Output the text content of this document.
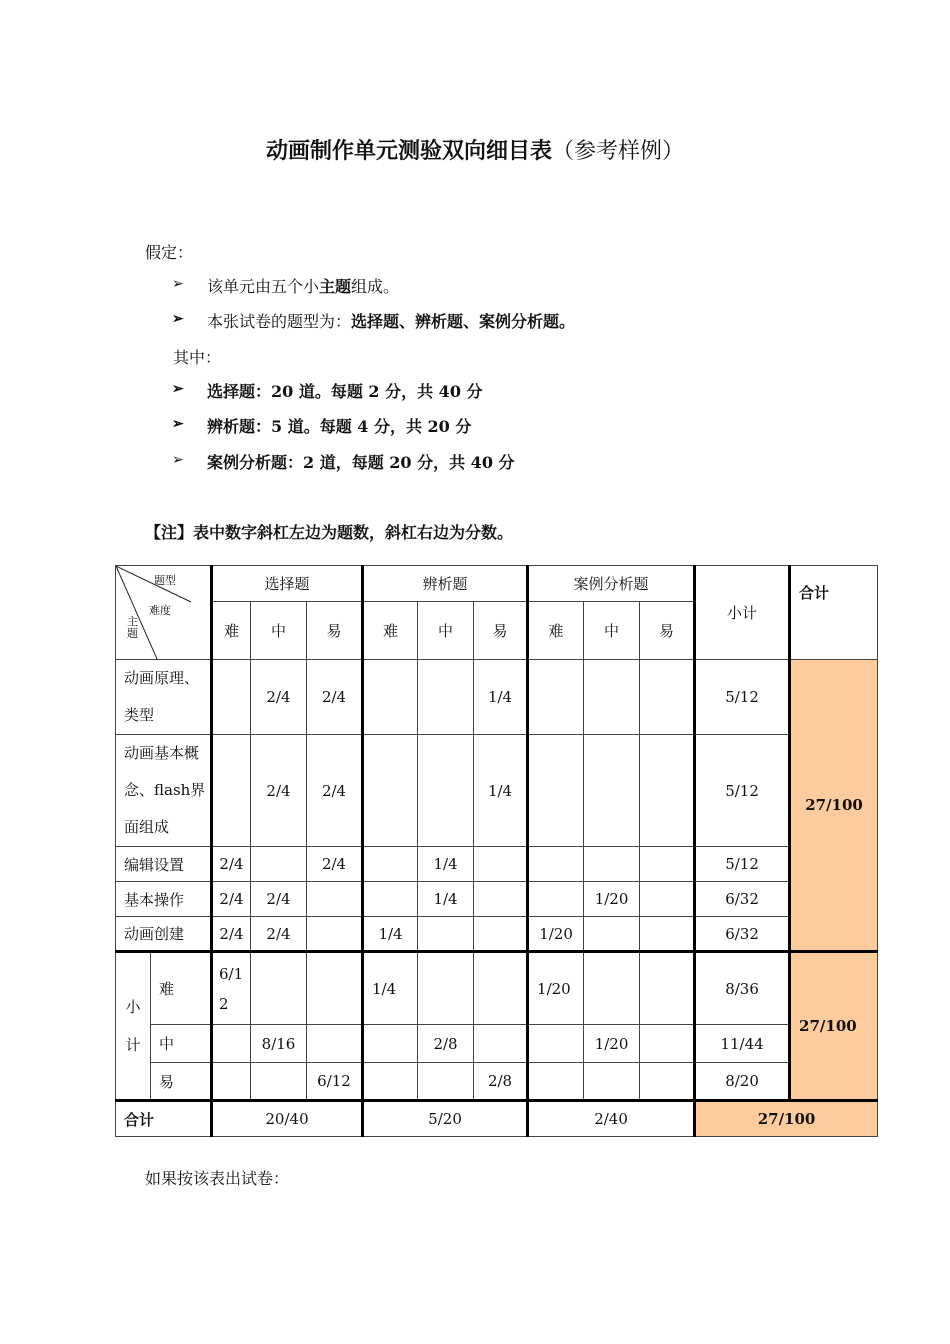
动画制作单元测验双向细目表（参考样例）
假定：
➢ 该单元由五个小主题组成。
➢ 本张试卷的题型为：选择题、辨析题、案例分析题。
其中：
➢ 选择题：20 道。每题 2 分，共 40 分
➢ 辨析题：5 道。每题 4 分，共 20 分
➢ 案例分析题：2 道，每题 20 分，共 40 分
【注】表中数字斜杠左边为题数，斜杠右边为分数。
题型
难度
主题		选择题			辨析题			案例分析题			小计	合计
		难	中	易	难	中	易	难	中	易		
动画原理、类型			2/4	2/4			1/4				5/12	27/100
动画基本概念、flash界面组成			2/4	2/4			1/4				5/12	
编辑设置		2/4		2/4		1/4					5/12	
基本操作		2/4	2/4			1/4			1/20		6/32	
动画创建		2/4	2/4		1/4			1/20			6/32	
小计	难	6/12			1/4			1/20			8/36	27/100
	中		8/16			2/8			1/20		11/44	
	易			6/12			2/8				8/20	
合计		20/40			5/20			2/40			27/100	
如果按该表出试卷：
